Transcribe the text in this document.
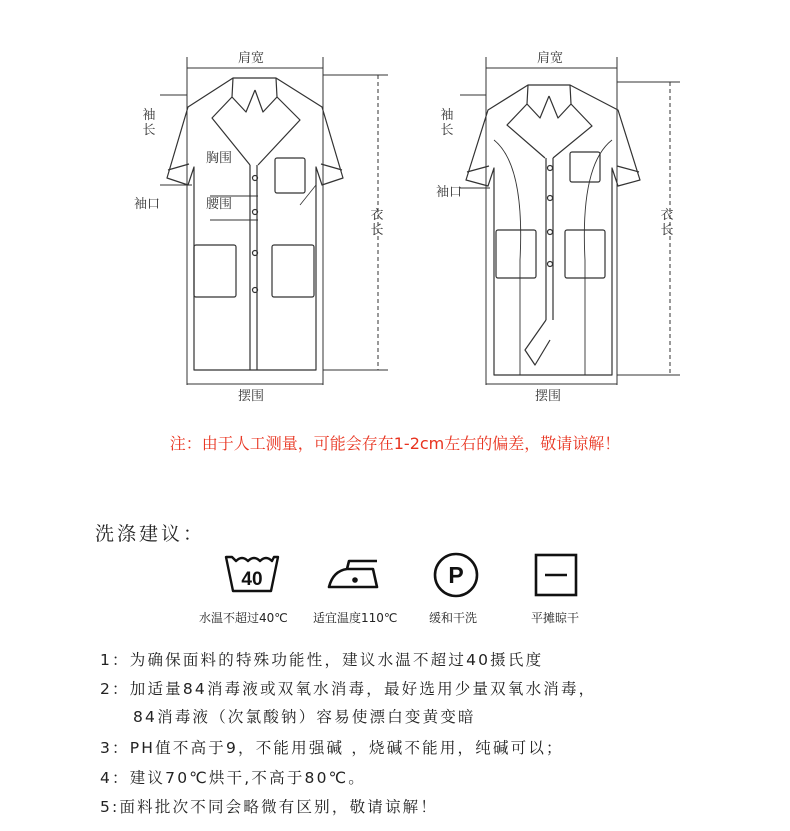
肩宽
袖长
袖口
胸围
腰围
衣长
摆围
肩宽
袖长
袖口
衣长
摆围
注：由于人工测量，可能会存在1-2cm左右的偏差，敬请谅解！
洗涤建议：
40	P
水温不超过40℃ 适宜温度110℃	缓和干洗	平摊晾干
1：为确保面料的特殊功能性，建议水温不超过40摄氏度
2：加适量84消毒液或双氧水消毒，最好选用少量双氧水消毒，
84消毒液（次氯酸钠）容易使漂白变黄变暗
3：PH值不高于9，不能用强碱 ，烧碱不能用，纯碱可以；
4：建议70℃烘干,不高于80℃。
5:面料批次不同会略微有区别，敬请谅解！
